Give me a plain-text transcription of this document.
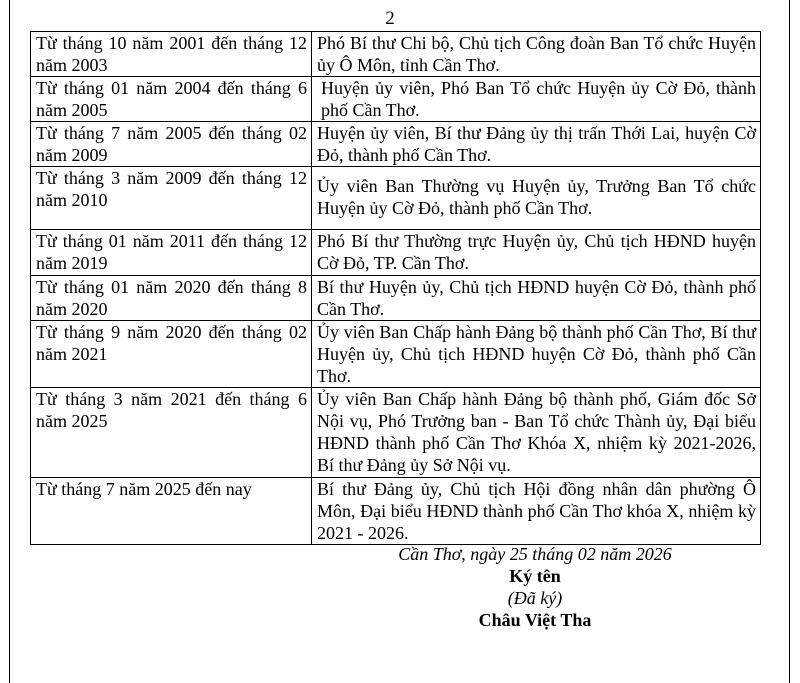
2
Từ tháng 10 năm 2001 đến tháng 12 năm 2003	Phó Bí thư Chi bộ, Chủ tịch Công đoàn Ban Tổ chức Huyện ủy Ô Môn, tỉnh Cần Thơ.
Từ tháng 01 năm 2004 đến tháng 6 năm 2005	Huyện ủy viên, Phó Ban Tổ chức Huyện ủy Cờ Đỏ, thành phố Cần Thơ.
Từ tháng 7 năm 2005 đến tháng 02 năm 2009	Huyện ủy viên, Bí thư Đảng ủy thị trấn Thới Lai, huyện Cờ Đỏ, thành phố Cần Thơ.
Từ tháng 3 năm 2009 đến tháng 12 năm 2010	Ủy viên Ban Thường vụ Huyện ủy, Trưởng Ban Tổ chức Huyện ủy Cờ Đỏ, thành phố Cần Thơ.
Từ tháng 01 năm 2011 đến tháng 12 năm 2019	Phó Bí thư Thường trực Huyện ủy, Chủ tịch HĐND huyện Cờ Đỏ, TP. Cần Thơ.
Từ tháng 01 năm 2020 đến tháng 8 năm 2020	Bí thư Huyện ủy, Chủ tịch HĐND huyện Cờ Đỏ, thành phố Cần Thơ.
Từ tháng 9 năm 2020 đến tháng 02 năm 2021	Ủy viên Ban Chấp hành Đảng bộ thành phố Cần Thơ, Bí thư Huyện ủy, Chủ tịch HĐND huyện Cờ Đỏ, thành phố Cần Thơ.
Từ tháng 3 năm 2021 đến tháng 6 năm 2025	Ủy viên Ban Chấp hành Đảng bộ thành phố, Giám đốc Sở Nội vụ, Phó Trưởng ban - Ban Tổ chức Thành ủy, Đại biểu HĐND thành phố Cần Thơ Khóa X, nhiệm kỳ 2021-2026, Bí thư Đảng ủy Sở Nội vụ.
Từ tháng 7 năm 2025 đến nay	Bí thư Đảng ủy, Chủ tịch Hội đồng nhân dân phường Ô Môn, Đại biểu HĐND thành phố Cần Thơ khóa X, nhiệm kỳ 2021 - 2026.
Cần Thơ, ngày 25 tháng 02 năm 2026
Ký tên
(Đã ký)
Châu Việt Tha
